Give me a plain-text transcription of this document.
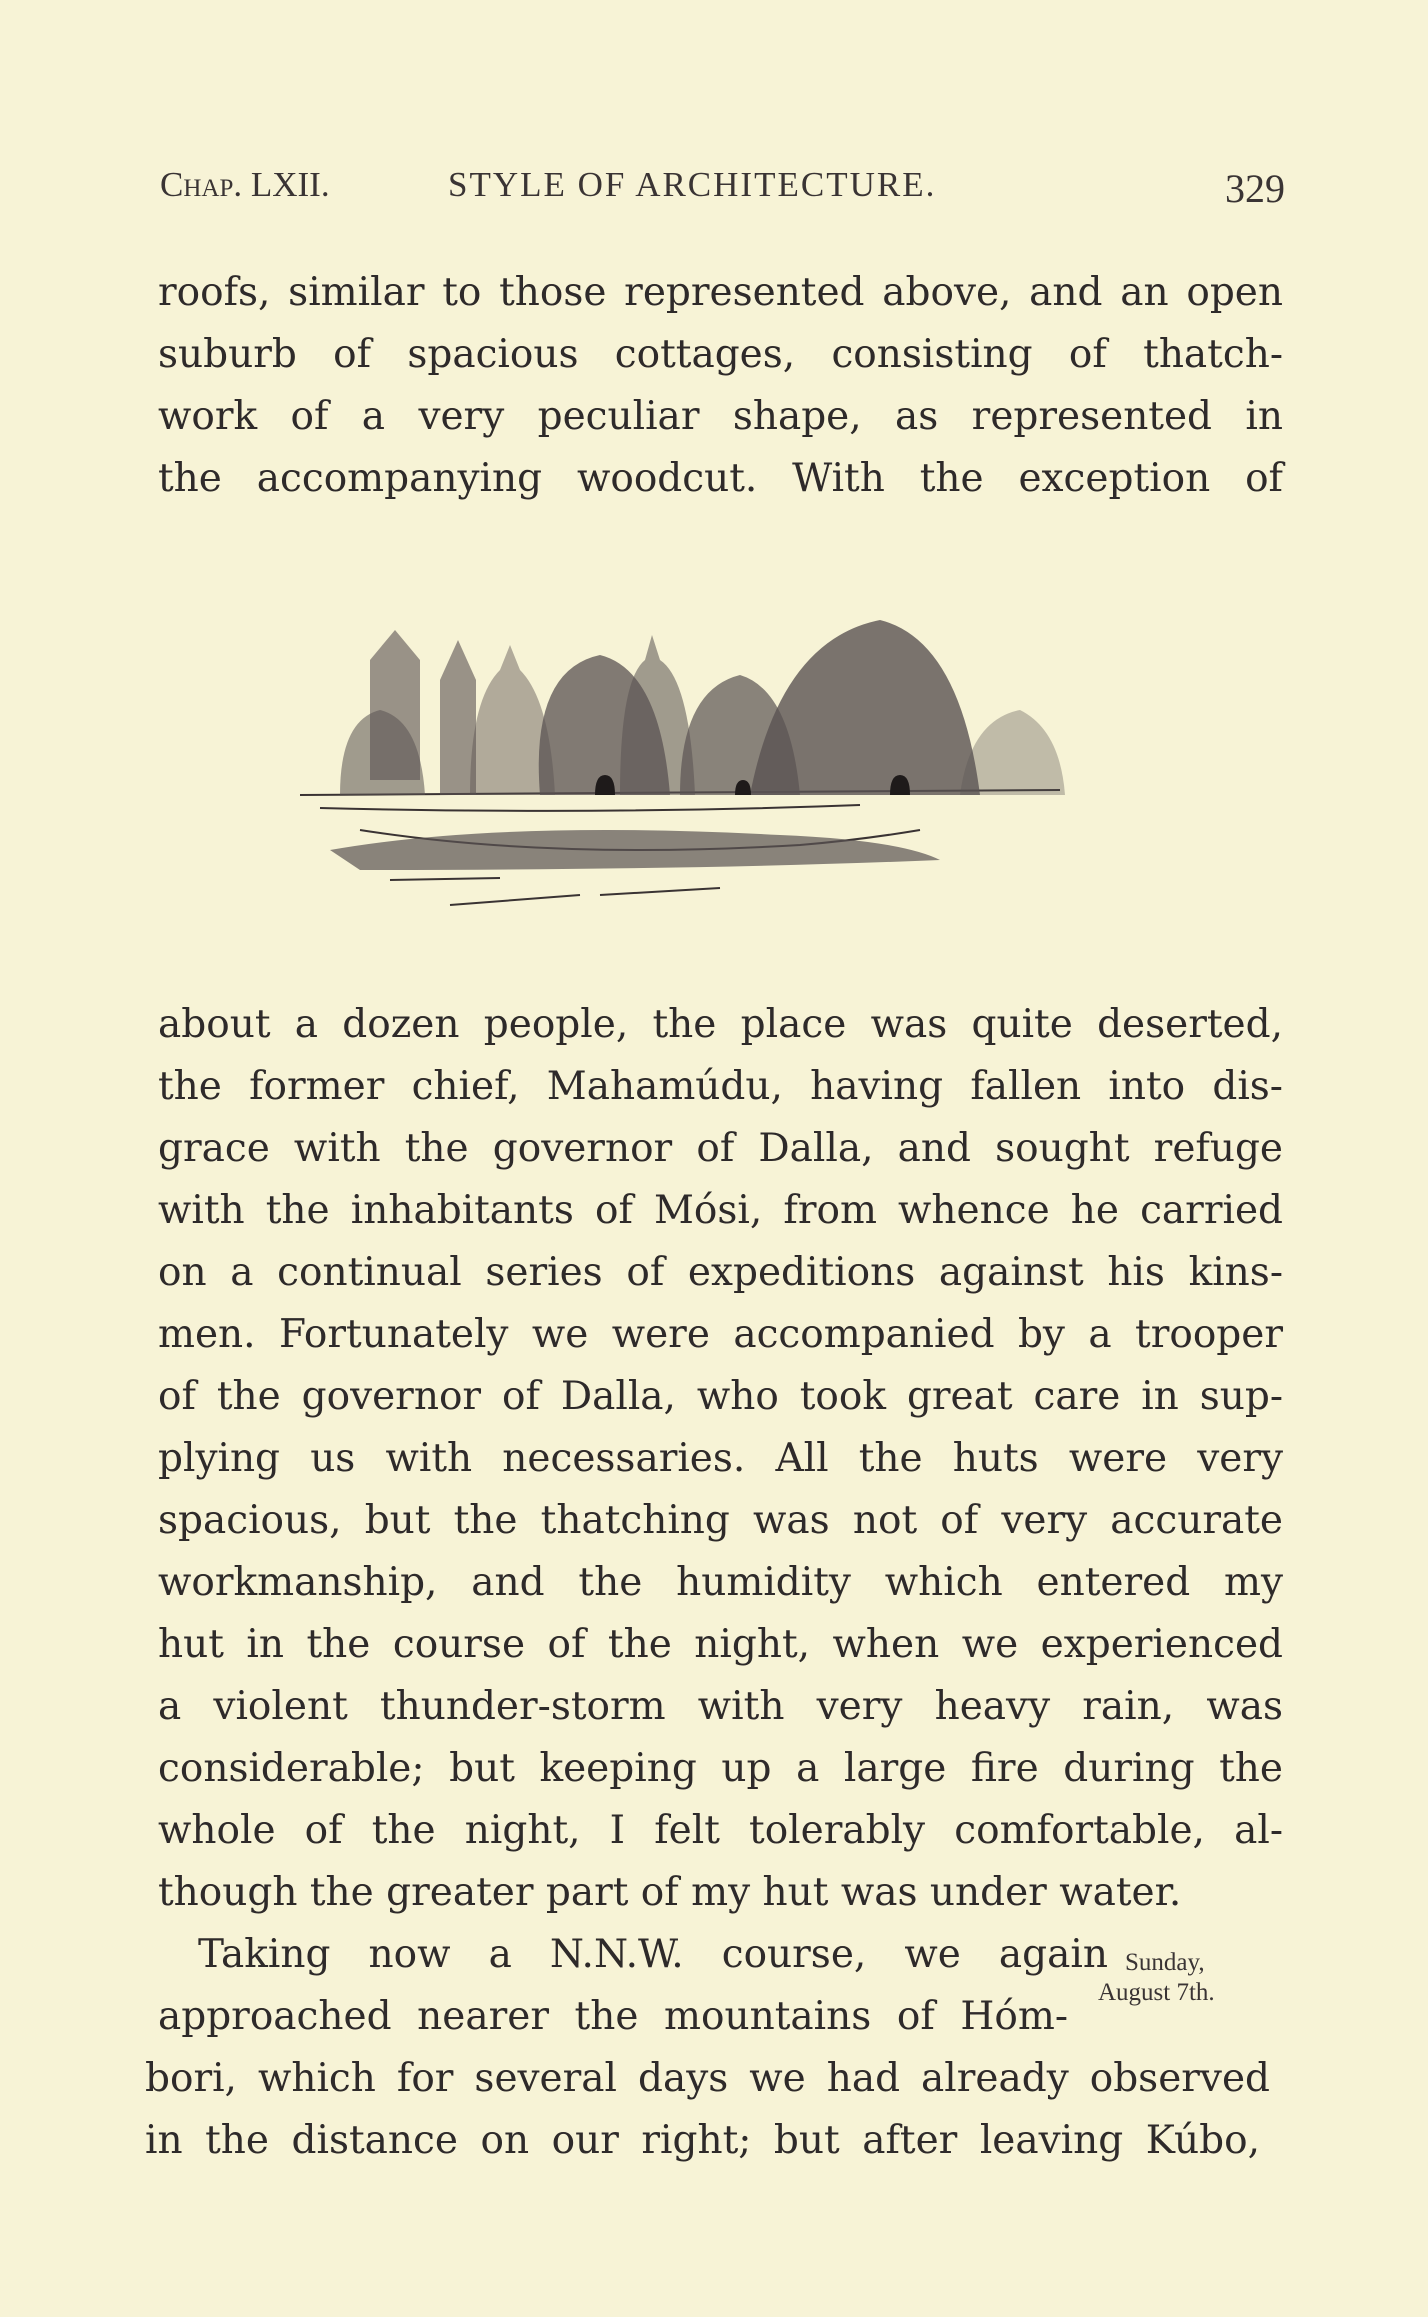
Chap. LXII.	STYLE OF ARCHITECTURE.	329
roofs, similar to those represented above, and an open
suburb of spacious cottages, consisting of thatch-
work of a very peculiar shape, as represented in
the accompanying woodcut. With the exception of
about a dozen people, the place was quite deserted,
the former chief, Mahamúdu, having fallen into dis-
grace with the governor of Dalla, and sought refuge
with the inhabitants of Mósi, from whence he carried
on a continual series of expeditions against his kins-
men. Fortunately we were accompanied by a trooper
of the governor of Dalla, who took great care in sup-
plying us with necessaries. All the huts were very
spacious, but the thatching was not of very accurate
workmanship, and the humidity which entered my
hut in the course of the night, when we experienced
a violent thunder-storm with very heavy rain, was
considerable; but keeping up a large fire during the
whole of the night, I felt tolerably comfortable, al-
though the greater part of my hut was under water.
Taking now a N.N.W. course, we again
approached nearer the mountains of Hóm-
bori, which for several days we had already observed
in the distance on our right; but after leaving Kúbo,
Sunday,
August 7th.
